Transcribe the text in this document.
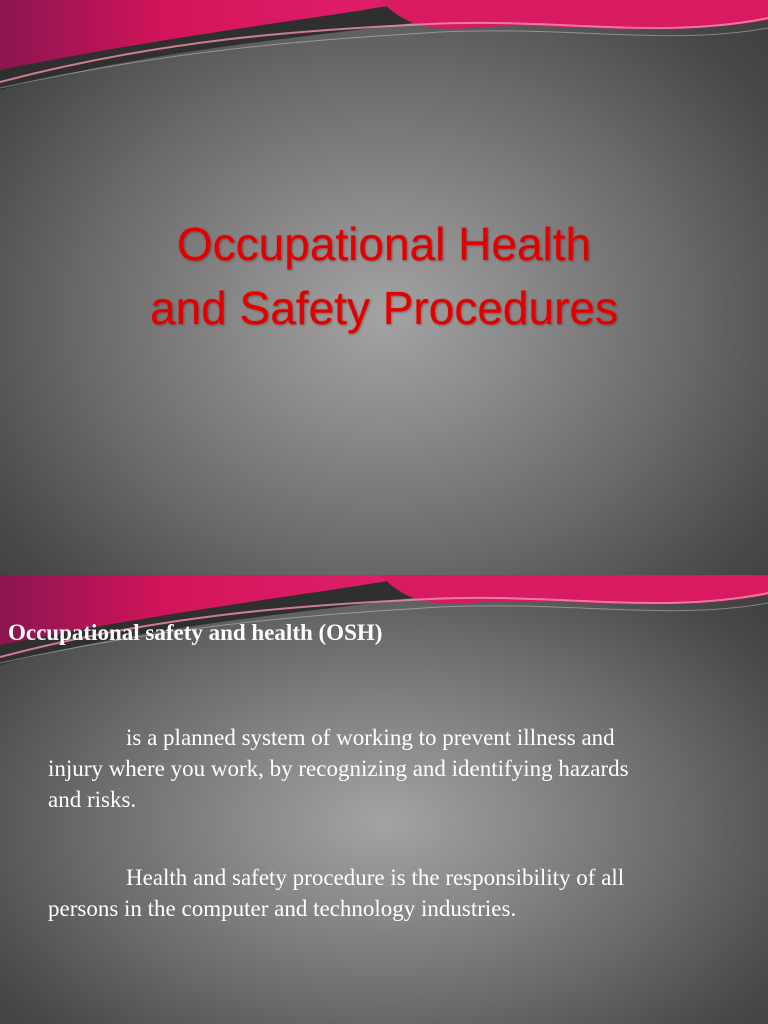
Occupational Health
and Safety Procedures
Occupational safety and health (OSH)

is a planned system of working to prevent illness and injury where you work, by recognizing and identifying hazards and risks.

Health and safety procedure is the responsibility of all persons in the computer and technology industries.
